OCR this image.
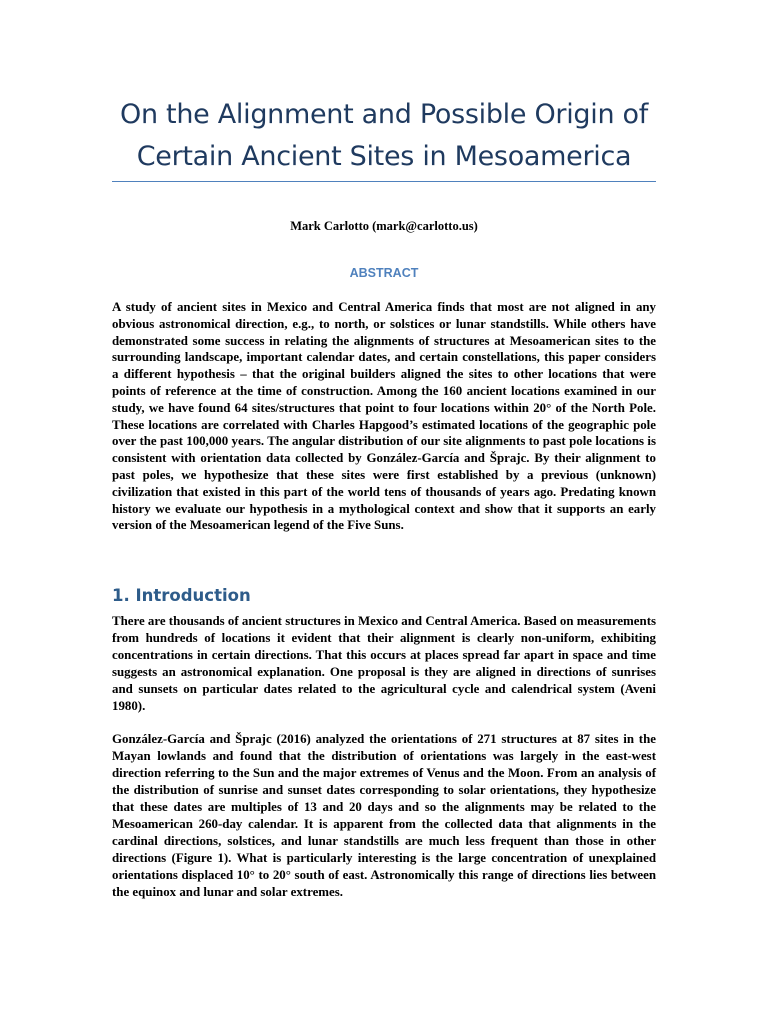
On the Alignment and Possible Origin of Certain Ancient Sites in Mesoamerica

Mark Carlotto (mark@carlotto.us)

ABSTRACT

A study of ancient sites in Mexico and Central America finds that most are not aligned in any obvious astronomical direction, e.g., to north, or solstices or lunar standstills. While others have demonstrated some success in relating the alignments of structures at Mesoamerican sites to the surrounding landscape, important calendar dates, and certain constellations, this paper considers a different hypothesis – that the original builders aligned the sites to other locations that were points of reference at the time of construction. Among the 160 ancient locations examined in our study, we have found 64 sites/structures that point to four locations within 20° of the North Pole. These locations are correlated with Charles Hapgood’s estimated locations of the geographic pole over the past 100,000 years. The angular distribution of our site alignments to past pole locations is consistent with orientation data collected by González-García and Šprajc. By their alignment to past poles, we hypothesize that these sites were first established by a previous (unknown) civilization that existed in this part of the world tens of thousands of years ago. Predating known history we evaluate our hypothesis in a mythological context and show that it supports an early version of the Mesoamerican legend of the Five Suns.

1. Introduction

There are thousands of ancient structures in Mexico and Central America. Based on measurements from hundreds of locations it evident that their alignment is clearly non-uniform, exhibiting concentrations in certain directions. That this occurs at places spread far apart in space and time suggests an astronomical explanation. One proposal is they are aligned in directions of sunrises and sunsets on particular dates related to the agricultural cycle and calendrical system (Aveni 1980).

González-García and Šprajc (2016) analyzed the orientations of 271 structures at 87 sites in the Mayan lowlands and found that the distribution of orientations was largely in the east-west direction referring to the Sun and the major extremes of Venus and the Moon. From an analysis of the distribution of sunrise and sunset dates corresponding to solar orientations, they hypothesize that these dates are multiples of 13 and 20 days and so the alignments may be related to the Mesoamerican 260-day calendar. It is apparent from the collected data that alignments in the cardinal directions, solstices, and lunar standstills are much less frequent than those in other directions (Figure 1). What is particularly interesting is the large concentration of unexplained orientations displaced 10° to 20° south of east. Astronomically this range of directions lies between the equinox and lunar and solar extremes.
